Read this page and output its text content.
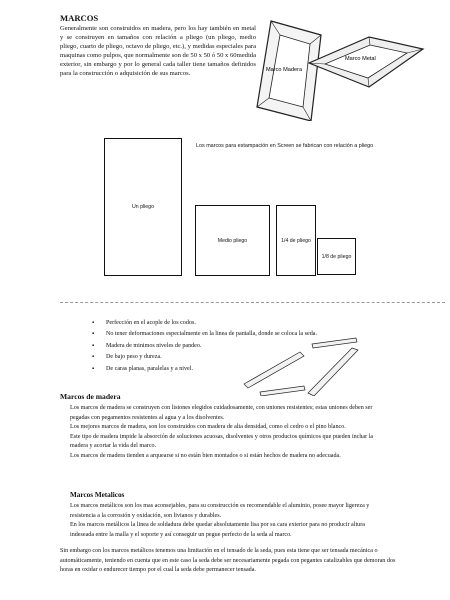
MARCOS

Generalmente son construidos en madera, pero los hay también en metal y se construyen en tamaños con relación a pliego (un pliego, medio pliego, cuarto de pliego, octavo de pliego, etc.), y medidas especiales para maquinas como pulpos, que normalmente son de 50 x 50 ó 50 x 60medida exterior, sin embargo y por lo general cada taller tiene tamaños definidos para la construcción o adquisición de sus marcos.

Marco Madera
Marco Metal
Los marcos para estampación en Screen se fabrican con relación a pliego
Un pliego
Medio pliego	1/4 de pliego
1/8 de pliego
▪ Perfección en el acople de los codos.
▪ No tener deformaciones especialmente en la linea de pantalla, donde se coloca la seda.
▪ Madera de minimos niveles de pandeo.
▪ De bajo peso y dureza.
▪ De caras planas, paralelas y a nivel.
Marcos de madera

Los marcos de madera se construyen con listones elegidos cuidadosamente, con uniones resistentes; estas uniones deben ser pegadas con pegamentos resistentes al agua y a los disolventes.

Los mejores marcos de madera, son los construidos con madera de alta densidad, como el cedro o el pino blanco.

Este tipo de madera impide la absorción de soluciones acuosas, disolventes y otros productos químicos que pueden inchar la madera y acortar la vida del marco.

Los marcos de madera tienden a arquearse si no están bien montados o si están hechos de madera no adecuada.

Marcos Metalicos

Los marcos metálicos son los mas aconsejables, para su construcción es recomendable el aluminio, posee mayor ligereza y resistencia a la corrosión y oxidación, son livianos y durables.

En los marcos metálicos la linea de soldadura debe quedar absolutamente lisa por su cara exterior para no producir altura indeseada entre la malla y el soporte y así conseguir un pegue perfecto de la seda al marco.

Sin embargo con los marcos metálicos tenemos una limitación en el tensado de la seda, pues esta tiene que ser tensada mecánica o automáticamente, teniendo en cuenta que en este caso la seda debe ser necesariamente pegada con pegantes catalizables que demoran dos horas en oxidar o endurecer tiempo por el cual la seda debe permanecer tensada.
